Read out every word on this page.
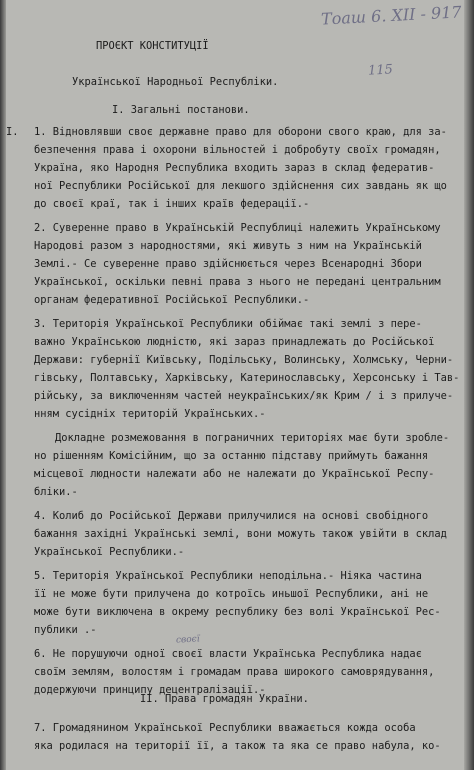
Тоаш 6. XII - 917
115
своєї
ПРОЄКТ КОНСТИТУЦІЇ
Української Народньої Республіки.
I. Загальні постанови.
I. 1. Відновлявши своє державне право для оборони свого краю, для за-
безпечення права і охорони вільностей і добробуту своїх громадян,
Україна, яко Народня Республика входить зараз в склад федератив-
ної Республики Російської для лекшого здійснення сих завдань як що
до своєї краї, так і інших країв федерації.-
2. Суверенне право в Українській Республиці належить Українському
Народові разом з народностями, які живуть з ним на Українській
Землі.- Се суверенне право здійснюється через Всенародні Збори
Української, оскільки певні права з нього не передані центральним
органам федеративної Російської Республики.-
3. Територія Української Республики обіймає такі землі з пере-
важно Українською людністю, які зараз принадлежать до Російської
Держави: губернії Київську, Подільську, Волинську, Холмську, Черни-
гівську, Полтавську, Харківську, Катеринославську, Херсонську і Тав-
рійську, за виключенням частей неукраїнських/як Крим / і з прилуче-
нням сусідніх територій Українських.-
Докладне розмежовання в пограничних територіях має бути зробле-
но рішенням Комісійним, що за останню підставу приймуть бажання
місцевої людности належати або не належати до Української Респу-
бліки.-
4. Колиб до Російської Держави прилучилися на основі свобідного
бажання західні Українські землі, вони можуть також увійти в склад
Української Республики.-
5. Територія Української Республики неподільна.- Ніяка частина
її не може бути прилучена до котроїсь иньшої Республики, ані не
може бути виключена в окрему республику без волі Української Рес-
публики .-
6. Не порушуючи одної своєї власти Українська Республика надає
своїм землям, волостям і громадам права широкого самоврядування,
додержуючи принципу децентралізації.-
II. Права громадян України.
7. Громадянином Української Республики вважається кожда особа
яка родилася на території її, а також та яка се право набула, ко-
